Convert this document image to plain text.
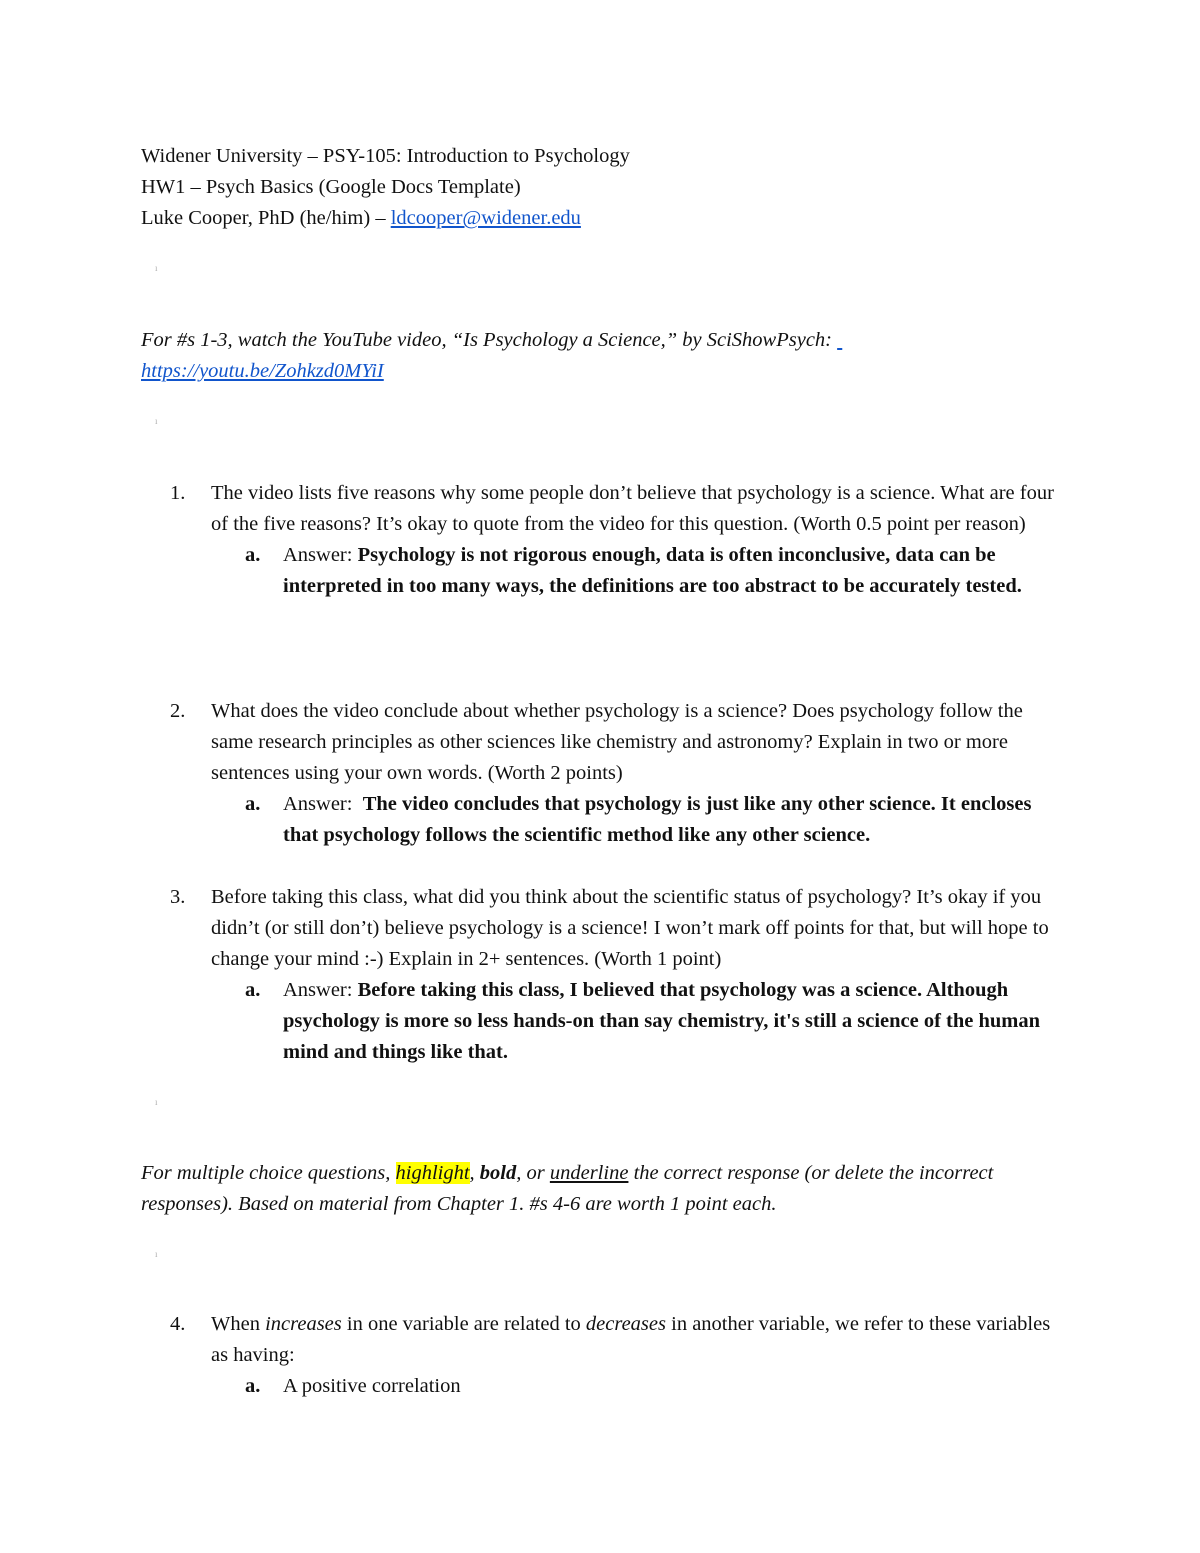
Widener University – PSY-105: Introduction to Psychology
HW1 – Psych Basics (Google Docs Template)
Luke Cooper, PhD (he/him) – ldcooper@widener.edu
ı
For #s 1-3, watch the YouTube video, “Is Psychology a Science,” by SciShowPsych:
https://youtu.be/Zohkzd0MYiI
ı
1.	The video lists five reasons why some people don’t believe that psychology is a science. What are four of the five reasons? It’s okay to quote from the video for this question. (Worth 0.5 point per reason)
a. Answer: Psychology is not rigorous enough, data is often inconclusive, data can be interpreted in too many ways, the definitions are too abstract to be accurately tested.
2.	What does the video conclude about whether psychology is a science? Does psychology follow the same research principles as other sciences like chemistry and astronomy? Explain in two or more sentences using your own words. (Worth 2 points)
a. Answer:  The video concludes that psychology is just like any other science. It encloses that psychology follows the scientific method like any other science.
3.	Before taking this class, what did you think about the scientific status of psychology? It’s okay if you didn’t (or still don’t) believe psychology is a science! I won’t mark off points for that, but will hope to change your mind :-) Explain in 2+ sentences. (Worth 1 point)
a. Answer: Before taking this class, I believed that psychology was a science. Although psychology is more so less hands-on than say chemistry, it's still a science of the human mind and things like that.
ı
For multiple choice questions, highlight, bold, or underline the correct response (or delete the incorrect responses). Based on material from Chapter 1. #s 4-6 are worth 1 point each.
ı
4.	When increases in one variable are related to decreases in another variable, we refer to these variables as having:
a. A positive correlation
